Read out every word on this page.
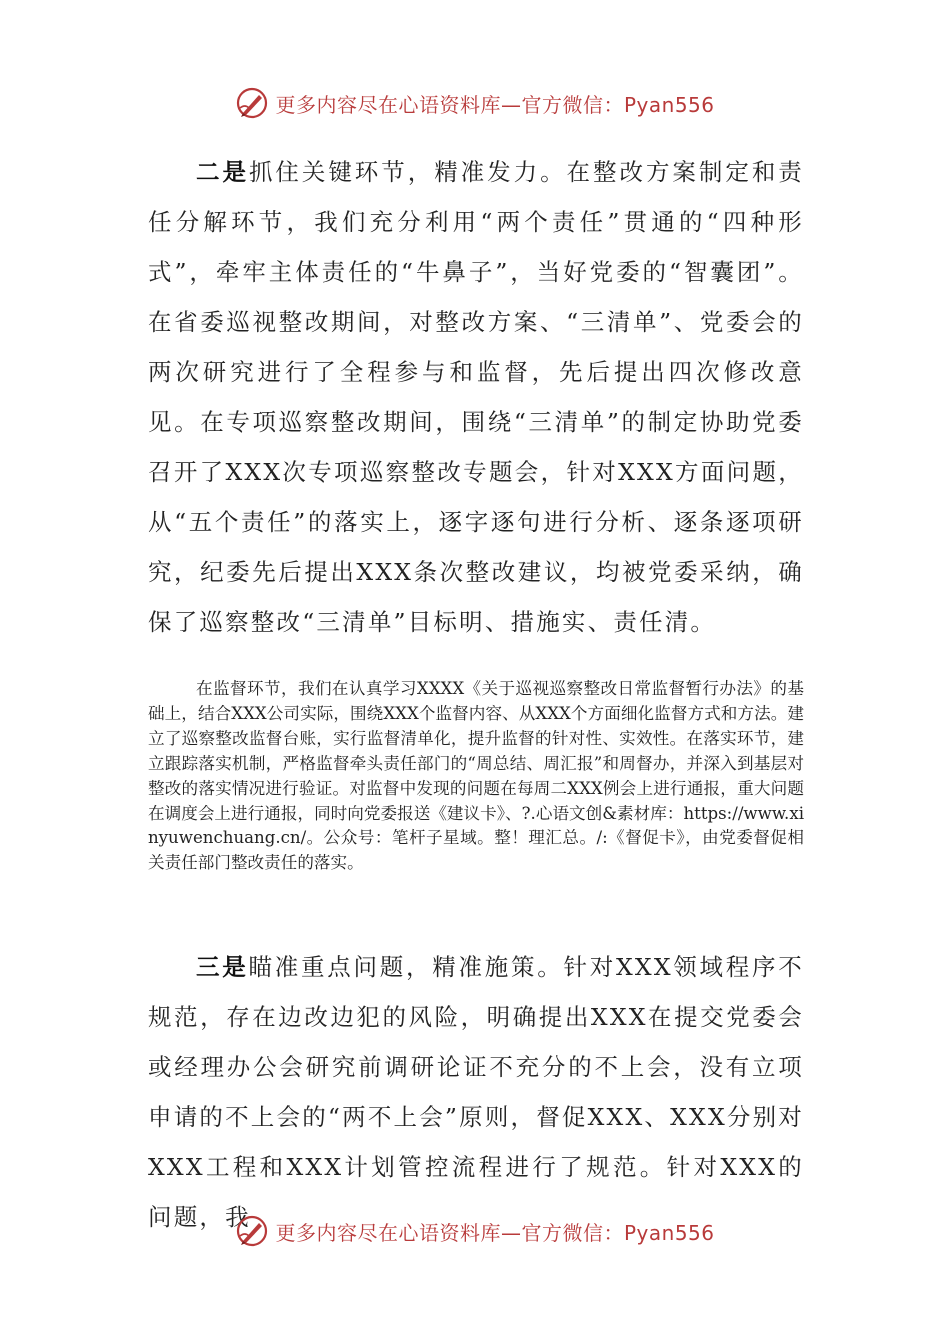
更多内容尽在心语资料库—官方微信：Pyan556
二是抓住关键环节，精准发力。在整改方案制定和责任分解环节，我们充分利用“两个责任”贯通的“四种形式”，牵牢主体责任的“牛鼻子”，当好党委的“智囊团”。在省委巡视整改期间，对整改方案、“三清单”、党委会的两次研究进行了全程参与和监督，先后提出四次修改意见。在专项巡察整改期间，围绕“三清单”的制定协助党委召开了XXX次专项巡察整改专题会，针对XXX方面问题，从“五个责任”的落实上，逐字逐句进行分析、逐条逐项研究，纪委先后提出XXX条次整改建议，均被党委采纳，确保了巡察整改“三清单”目标明、措施实、责任清。
在监督环节，我们在认真学习XXXX《关于巡视巡察整改日常监督暂行办法》的基础上，结合XXX公司实际，围绕XXX个监督内容、从XXX个方面细化监督方式和方法。建立了巡察整改监督台账，实行监督清单化，提升监督的针对性、实效性。在落实环节，建立跟踪落实机制，严格监督牵头责任部门的“周总结、周汇报”和周督办，并深入到基层对整改的落实情况进行验证。对监督中发现的问题在每周二XXX例会上进行通报，重大问题在调度会上进行通报，同时向党委报送《建议卡》、?.心语文创&素材库：https://www.xinyuwenchuang.cn/。公众号：笔杆子星域。整！理汇总。/:《督促卡》，由党委督促相关责任部门整改责任的落实。
三是瞄准重点问题，精准施策。针对XXX领域程序不规范，存在边改边犯的风险，明确提出XXX在提交党委会或经理办公会研究前调研论证不充分的不上会，没有立项申请的不上会的“两不上会”原则，督促XXX、XXX分别对XXX工程和XXX计划管控流程进行了规范。针对XXX的问题，我
更多内容尽在心语资料库—官方微信：Pyan556
